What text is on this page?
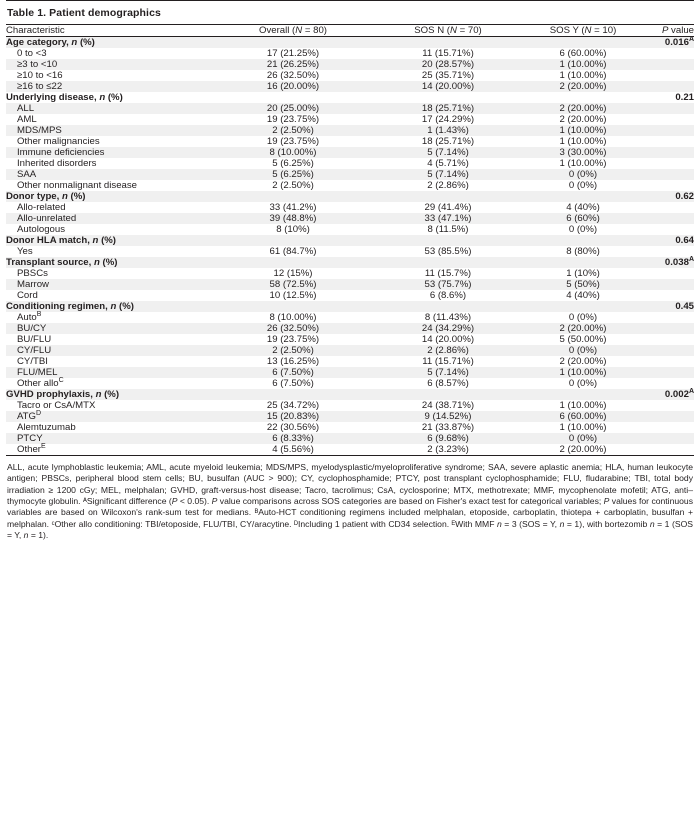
Table 1. Patient demographics
Characteristic	Overall (N = 80)	SOS N (N = 70)	SOS Y (N = 10)	P value
Age category, n (%)				$0.016^A$
0 to <3	17 (21.25%)	11 (15.71%)	6 (60.00%)	
≥3 to <10	21 (26.25%)	20 (28.57%)	1 (10.00%)	
≥10 to <16	26 (32.50%)	25 (35.71%)	1 (10.00%)	
≥16 to ≤22	16 (20.00%)	14 (20.00%)	2 (20.00%)	
Underlying disease, n (%)				0.21
ALL	20 (25.00%)	18 (25.71%)	2 (20.00%)	
AML	19 (23.75%)	17 (24.29%)	2 (20.00%)	
MDS/MPS	2 (2.50%)	1 (1.43%)	1 (10.00%)	
Other malignancies	19 (23.75%)	18 (25.71%)	1 (10.00%)	
Immune deficiencies	8 (10.00%)	5 (7.14%)	3 (30.00%)	
Inherited disorders	5 (6.25%)	4 (5.71%)	1 (10.00%)	
SAA	5 (6.25%)	5 (7.14%)	0 (0%)	
Other nonmalignant disease	2 (2.50%)	2 (2.86%)	0 (0%)	
Donor type, n (%)				0.62
Allo-related	33 (41.2%)	29 (41.4%)	4 (40%)	
Allo-unrelated	39 (48.8%)	33 (47.1%)	6 (60%)	
Autologous	8 (10%)	8 (11.5%)	0 (0%)	
Donor HLA match, n (%)				0.64
Yes	61 (84.7%)	53 (85.5%)	8 (80%)	
Transplant source, n (%)				$0.038^A$
PBSCs	12 (15%)	11 (15.7%)	1 (10%)	
Marrow	58 (72.5%)	53 (75.7%)	5 (50%)	
Cord	10 (12.5%)	6 (8.6%)	4 (40%)	
Conditioning regimen, n (%)				0.45
Auto$^B$	8 (10.00%)	8 (11.43%)	0 (0%)	
BU/CY	26 (32.50%)	24 (34.29%)	2 (20.00%)	
BU/FLU	19 (23.75%)	14 (20.00%)	5 (50.00%)	
CY/FLU	2 (2.50%)	2 (2.86%)	0 (0%)	
CY/TBI	13 (16.25%)	11 (15.71%)	2 (20.00%)	
FLU/MEL	6 (7.50%)	5 (7.14%)	1 (10.00%)	
Other allo$^C$	6 (7.50%)	6 (8.57%)	0 (0%)	
GVHD prophylaxis, n (%)				$0.002^A$
Tacro or CsA/MTX	25 (34.72%)	24 (38.71%)	1 (10.00%)	
$ATG^D$	15 (20.83%)	9 (14.52%)	6 (60.00%)	
Alemtuzumab	22 (30.56%)	21 (33.87%)	1 (10.00%)	
PTCY	6 (8.33%)	6 (9.68%)	0 (0%)	
Other$^E$	4 (5.56%)	2 (3.23%)	2 (20.00%)	

ALL, acute lymphoblastic leukemia; AML, acute myeloid leukemia; MDS/MPS, myelodysplastic/myeloproliferative syndrome; SAA, severe aplastic anemia; HLA, human leukocyte antigen; PBSCs, peripheral blood stem cells; BU, busulfan (AUC > 900); CY, cyclophosphamide; PTCY, post transplant cyclophosphamide; FLU, fludarabine; TBI, total body irradiation ≥ 1200 cGy; MEL, melphalan; GVHD, graft-versus-host disease; Tacro, tacrolimus; CsA, cyclosporine; MTX, methotrexate; MMF, mycophenolate mofetil; ATG, anti–thymocyte globulin. ᴬSignificant difference (P < 0.05). P value comparisons across SOS categories are based on Fisher's exact test for categorical variables; P values for continuous variables are based on Wilcoxon's rank-sum test for medians. ᴮAuto-HCT conditioning regimens included melphalan, etoposide, carboplatin, thiotepa + carboplatin, busulfan + melphalan. ᶜOther allo conditioning: TBI/etoposide, FLU/TBI, CY/aracytine. ᴰIncluding 1 patient with CD34 selection. ᴱWith MMF n = 3 (SOS = Y, n = 1), with bortezomib n = 1 (SOS = Y, n = 1).
